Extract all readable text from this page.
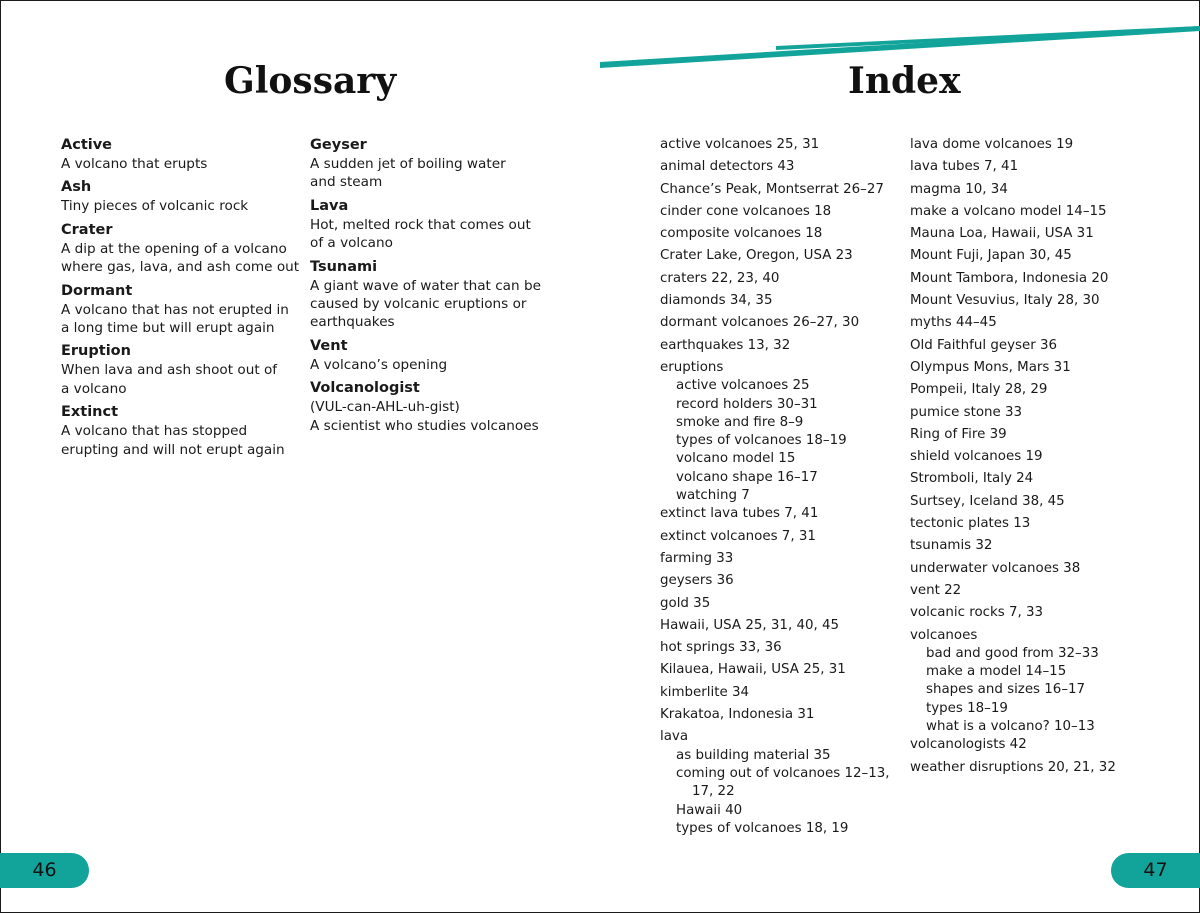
Glossary	Index
Active
A volcano that erupts
Ash
Tiny pieces of volcanic rock
Crater
A dip at the opening of a volcano
where gas, lava, and ash come out
Dormant
A volcano that has not erupted in
a long time but will erupt again
Eruption
When lava and ash shoot out of
a volcano
Extinct
A volcano that has stopped
erupting and will not erupt again
Geyser
A sudden jet of boiling water
and steam
Lava
Hot, melted rock that comes out
of a volcano
Tsunami
A giant wave of water that can be
caused by volcanic eruptions or
earthquakes
Vent
A volcano’s opening
Volcanologist
(VUL-can-AHL-uh-gist)
A scientist who studies volcanoes
active volcanoes 25, 31
animal detectors 43
Chance’s Peak, Montserrat 26–27
cinder cone volcanoes 18
composite volcanoes 18
Crater Lake, Oregon, USA 23
craters 22, 23, 40
diamonds 34, 35
dormant volcanoes 26–27, 30
earthquakes 13, 32
eruptions
active volcanoes 25
record holders 30–31
smoke and fire 8–9
types of volcanoes 18–19
volcano model 15
volcano shape 16–17
watching 7
extinct lava tubes 7, 41
extinct volcanoes 7, 31
farming 33
geysers 36
gold 35
Hawaii, USA 25, 31, 40, 45
hot springs 33, 36
Kilauea, Hawaii, USA 25, 31
kimberlite 34
Krakatoa, Indonesia 31
lava
as building material 35
coming out of volcanoes 12–13,
17, 22
Hawaii 40
types of volcanoes 18, 19
lava dome volcanoes 19
lava tubes 7, 41
magma 10, 34
make a volcano model 14–15
Mauna Loa, Hawaii, USA 31
Mount Fuji, Japan 30, 45
Mount Tambora, Indonesia 20
Mount Vesuvius, Italy 28, 30
myths 44–45
Old Faithful geyser 36
Olympus Mons, Mars 31
Pompeii, Italy 28, 29
pumice stone 33
Ring of Fire 39
shield volcanoes 19
Stromboli, Italy 24
Surtsey, Iceland 38, 45
tectonic plates 13
tsunamis 32
underwater volcanoes 38
vent 22
volcanic rocks 7, 33
volcanoes
bad and good from 32–33
make a model 14–15
shapes and sizes 16–17
types 18–19
what is a volcano? 10–13
volcanologists 42
weather disruptions 20, 21, 32
46	47
